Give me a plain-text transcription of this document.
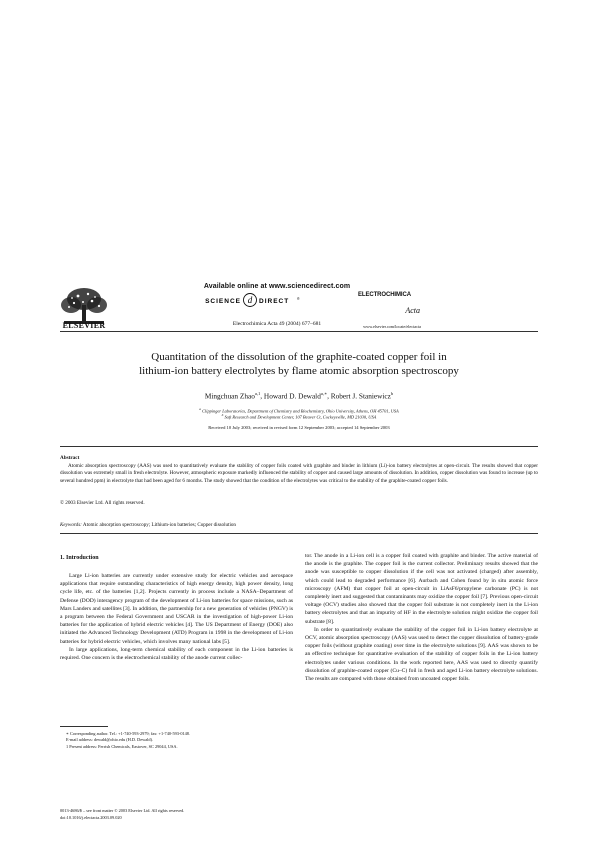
Available online at www.sciencedirect.com
SCIENCE d DIRECT ®
Electrochimica Acta 49 (2004) 677–681
ELSEVIER
ELECTROCHIMICA
Acta
www.elsevier.com/locate/electacta
Quantitation of the dissolution of the graphite-coated copper foil in
lithium-ion battery electrolytes by flame atomic absorption spectroscopy
Mingchuan Zhao$^{a,1}$, Howard D. Dewald$^{a,∗}$, Robert J. Staniewicz$^b$
$^a$ Clippinger Laboratories, Department of Chemistry and Biochemistry, Ohio University, Athens, OH 45701, USA
$^b$ Saft Research and Development Center, 107 Beaver Ct, Cockeysville, MD 21030, USA
Received 10 July 2003; received in revised form 12 September 2003; accepted 14 September 2003
Abstract
Atomic absorption spectroscopy (AAS) was used to quantitatively evaluate the stability of copper foils coated with graphite and binder in lithium (Li)-ion battery electrolytes at open-circuit. The results showed that copper dissolution was extremely small in fresh electrolyte. However, atmospheric exposure markedly influenced the stability of copper and caused large amounts of dissolution. In addition, copper dissolution was found to increase (up to several hundred ppm) in electrolyte that had been aged for 6 months. The study showed that the condition of the electrolytes was critical to the stability of the graphite-coated copper foils.
© 2003 Elsevier Ltd. All rights reserved.
Keywords: Atomic absorption spectroscopy; Lithium-ion batteries; Copper dissolution
1. Introduction

Large Li-ion batteries are currently under extensive study for electric vehicles and aerospace applications that require outstanding characteristics of high energy density, high power density, long cycle life, etc. of the batteries [1,2]. Projects currently in process include a NASA–Department of Defense (DOD) interagency program of the development of Li-ion batteries for space missions, such as Mars Landers and satellites [3]. In addition, the partnership for a new generation of vehicles (PNGV) is a program between the Federal Government and USCAR in the investigation of high-power Li-ion batteries for the application of hybrid electric vehicles [4]. The US Department of Energy (DOE) also initiated the Advanced Technology Development (ATD) Program in 1998 in the development of Li-ion batteries for hybrid electric vehicles, which involves many national labs [5].

In large applications, long-term chemical stability of each component in the Li-ion batteries is required. One concern is the electrochemical stability of the anode current collec-

tor. The anode in a Li-ion cell is a copper foil coated with graphite and binder. The active material of the anode is the graphite. The copper foil is the current collector. Preliminary results showed that the anode was susceptible to copper dissolution if the cell was not activated (charged) after assembly, which could lead to degraded performance [6]. Aurbach and Cohen found by in situ atomic force microscopy (AFM) that copper foil at open-circuit in LiAsF6/propylene carbonate (PC) is not completely inert and suggested that contaminants may oxidize the copper foil [7]. Previous open-circuit voltage (OCV) studies also showed that the copper foil substrate is not completely inert in the Li-ion battery electrolytes and that an impurity of HF in the electrolyte solution might oxidize the copper foil substrate [8].

In order to quantitatively evaluate the stability of the copper foil in Li-ion battery electrolyte at OCV, atomic absorption spectroscopy (AAS) was used to detect the copper dissolution of battery-grade copper foils (without graphite coating) over time in the electrolyte solutions [9]. AAS was shown to be an effective technique for quantitative evaluation of the stability of copper foils in the Li-ion battery electrolytes under various conditions. In the work reported here, AAS was used to directly quantify dissolution of graphite-coated copper (Cu–C) foil in fresh and aged Li-ion battery electrolyte solutions. The results are compared with those obtained from uncoated copper foils.

∗ Corresponding author. Tel.: +1-740-593-2979; fax: +1-740-593-0148.

E-mail address: dewald@ohio.edu (H.D. Dewald).

1 Present address: Ferrish Chemicals, Eastover, SC 29044, USA.

0013-4686/$ – see front matter © 2003 Elsevier Ltd. All rights reserved.
doi:10.1016/j.electacta.2003.09.020
